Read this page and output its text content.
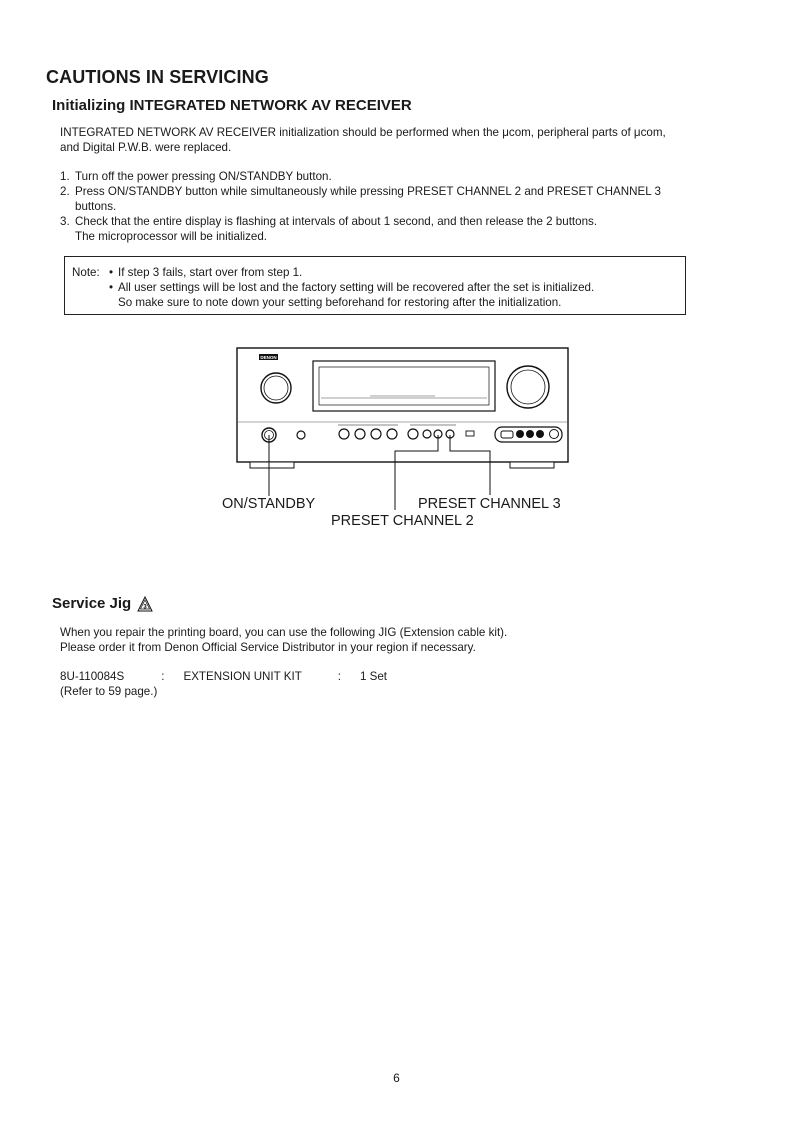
CAUTIONS IN SERVICING
Initializing INTEGRATED NETWORK AV RECEIVER
INTEGRATED NETWORK AV RECEIVER initialization should be performed when the μcom, peripheral parts of μcom,
and Digital P.W.B. were replaced.
1. Turn off the power pressing ON/STANDBY button.
2. Press ON/STANDBY button while simultaneously while pressing PRESET CHANNEL 2 and PRESET CHANNEL 3
buttons.
3. Check that the entire display is flashing at intervals of about 1 second, and then release the 2 buttons.
The microprocessor will be initialized.
Note: • If step 3 fails, start over from step 1.
• All user settings will be lost and the factory setting will be recovered after the set is initialized.
So make sure to note down your setting beforehand for restoring after the initialization.
DENON
ON/STANDBY	PRESET CHANNEL 3
PRESET CHANNEL 2
Service Jig 3
When you repair the printing board, you can use the following JIG (Extension cable kit).
Please order it from Denon Official Service Distributor in your region if necessary.
8U-110084S	: EXTENSION UNIT KIT	: 1 Set
(Refer to 59 page.)
6
